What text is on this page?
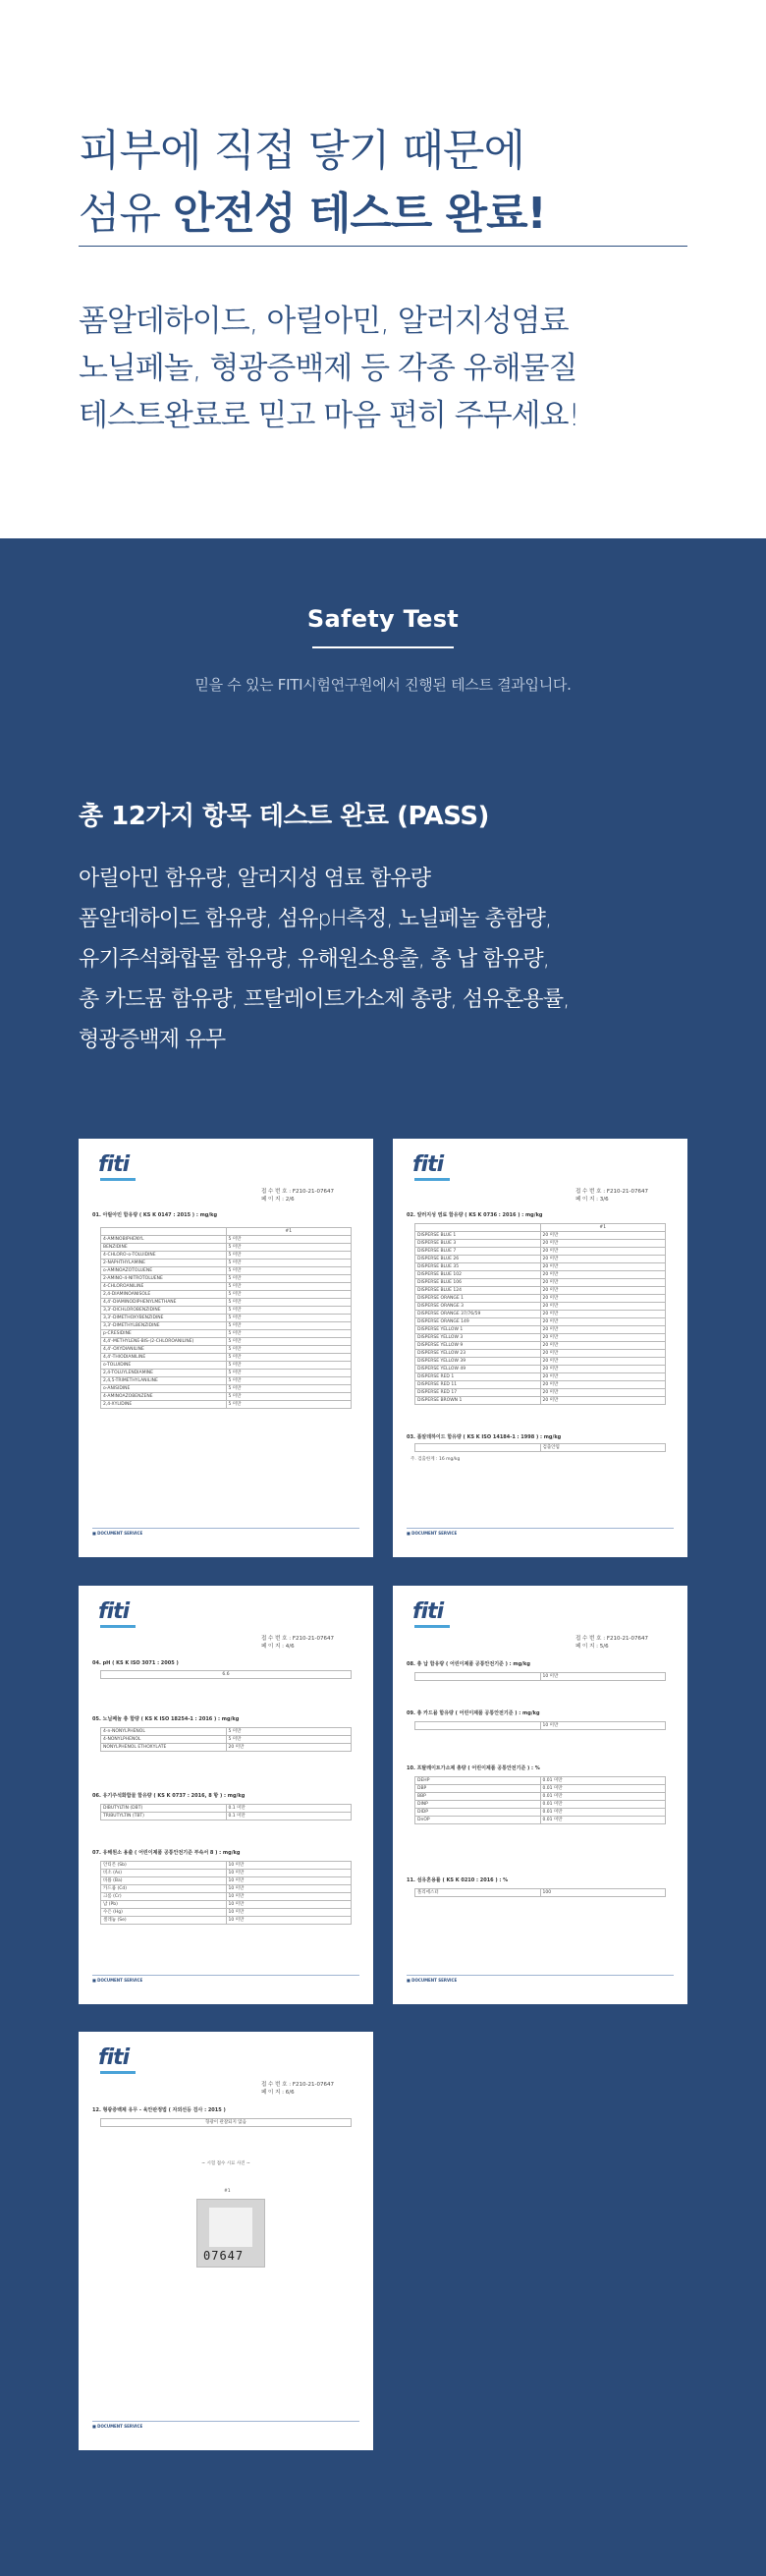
피부에 직접 닿기 때문에
섬유 안전성 테스트 완료!
폼알데하이드, 아릴아민, 알러지성염료
노닐페놀, 형광증백제 등 각종 유해물질
테스트완료로 믿고 마음 편히 주무세요!
Safety Test
믿을 수 있는 FITI시험연구원에서 진행된 테스트 결과입니다.
총 12가지 항목 테스트 완료 (PASS)
아릴아민 함유량, 알러지성 염료 함유량
폼알데하이드 함유량, 섬유pH측정, 노닐페놀 총함량,
유기주석화합물 함유량, 유해원소용출, 총 납 함유량,
총 카드뮴 함유량, 프탈레이트가소제 총량, 섬유혼용률,
형광증백제 유무
fiti
접 수 번 호 : F210-21-07647
페 이 지 : 2/6
01. 아릴아민 함유량 ( KS K 0147 : 2015 ) : mg/kg
	#1
4-AMINOBIPHENYL	5 미만
BENZIDINE	5 미만
4-CHLORO-o-TOLUIDINE	5 미만
2-NAPHTHYLAMINE	5 미만
o-AMINOAZOTOLUENE	5 미만
2-AMINO-4-NITROTOLUENE	5 미만
4-CHLOROANILINE	5 미만
2,4-DIAMINOANISOLE	5 미만
4,4'-DIAMINODIPHENYLMETHANE	5 미만
3,3'-DICHLOROBENZIDINE	5 미만
3,3'-DIMETHOXYBENZIDINE	5 미만
3,3'-DIMETHYLBENZIDINE	5 미만
p-CRESIDINE	5 미만
4,4'-METHYLENE-BIS-(2-CHLOROANILINE)	5 미만
4,4'-OXYDIANILINE	5 미만
4,4'-THIODIANILINE	5 미만
o-TOLUIDINE	5 미만
2,4-TOLUYLENDIAMINE	5 미만
2,4,5-TRIMETHYLANILINE	5 미만
o-ANISIDINE	5 미만
4-AMINOAZOBENZENE	5 미만
2,4-XYLIDINE	5 미만
■ DOCUMENT SERVICE
fiti
접 수 번 호 : F210-21-07647
페 이 지 : 3/6
02. 알러지성 염료 함유량 ( KS K 0736 : 2016 ) : mg/kg
	#1
DISPERSE BLUE 1	20 미만
DISPERSE BLUE 3	20 미만
DISPERSE BLUE 7	20 미만
DISPERSE BLUE 26	20 미만
DISPERSE BLUE 35	20 미만
DISPERSE BLUE 102	20 미만
DISPERSE BLUE 106	20 미만
DISPERSE BLUE 124	20 미만
DISPERSE ORANGE 1	20 미만
DISPERSE ORANGE 3	20 미만
DISPERSE ORANGE 37/76/59	20 미만
DISPERSE ORANGE 149	20 미만
DISPERSE YELLOW 1	20 미만
DISPERSE YELLOW 3	20 미만
DISPERSE YELLOW 9	20 미만
DISPERSE YELLOW 23	20 미만
DISPERSE YELLOW 39	20 미만
DISPERSE YELLOW 49	20 미만
DISPERSE RED 1	20 미만
DISPERSE RED 11	20 미만
DISPERSE RED 17	20 미만
DISPERSE BROWN 1	20 미만
03. 폼알데하이드 함유량 ( KS K ISO 14184-1 : 1998 ) : mg/kg
	검출안됨
주. 검출한계 : 16 mg/kg
■ DOCUMENT SERVICE
fiti
접 수 번 호 : F210-21-07647
페 이 지 : 4/6
04. pH ( KS K ISO 3071 : 2005 )
6.6
05. 노닐페놀 총 함량 ( KS K ISO 18254-1 : 2016 ) : mg/kg
4-n-NONYLPHENOL	5 미만
4-NONYLPHENOL	5 미만
NONYLPHENOL ETHOXYLATE	20 미만
06. 유기주석화합물 함유량 ( KS K 0737 : 2016, 8 항 ) : mg/kg
DIBUTYLTIN (DBT)	0.1 미만
TRIBUTYLTIN (TBT)	0.1 미만
07. 유해원소 용출 ( 어린이제품 공통안전기준 부속서 8 ) : mg/kg
안티몬 (Sb)	10 미만
비소 (As)	10 미만
바륨 (Ba)	10 미만
카드뮴 (Cd)	10 미만
크롬 (Cr)	10 미만
납 (Pb)	10 미만
수은 (Hg)	10 미만
셀레늄 (Se)	10 미만
■ DOCUMENT SERVICE
fiti
접 수 번 호 : F210-21-07647
페 이 지 : 5/6
08. 총 납 함유량 ( 어린이제품 공통안전기준 ) : mg/kg
	10 미만
09. 총 카드뮴 함유량 ( 어린이제품 공통안전기준 ) : mg/kg
	10 미만
10. 프탈레이트가소제 총량 ( 어린이제품 공통안전기준 ) : %
DEHP	0.01 미만
DBP	0.01 미만
BBP	0.01 미만
DINP	0.01 미만
DIDP	0.01 미만
DnOP	0.01 미만
11. 섬유혼용률 ( KS K 0210 : 2016 ) : %
폴리에스터	100
■ DOCUMENT SERVICE
fiti
접 수 번 호 : F210-21-07647
페 이 지 : 6/6
12. 형광증백제 유무 - 육안판정법 ( 자외선등 검사 : 2015 )
형광이 관찰되지 않음
~ 시험 접수 시료 사진 ~
#1
07647
■ DOCUMENT SERVICE
